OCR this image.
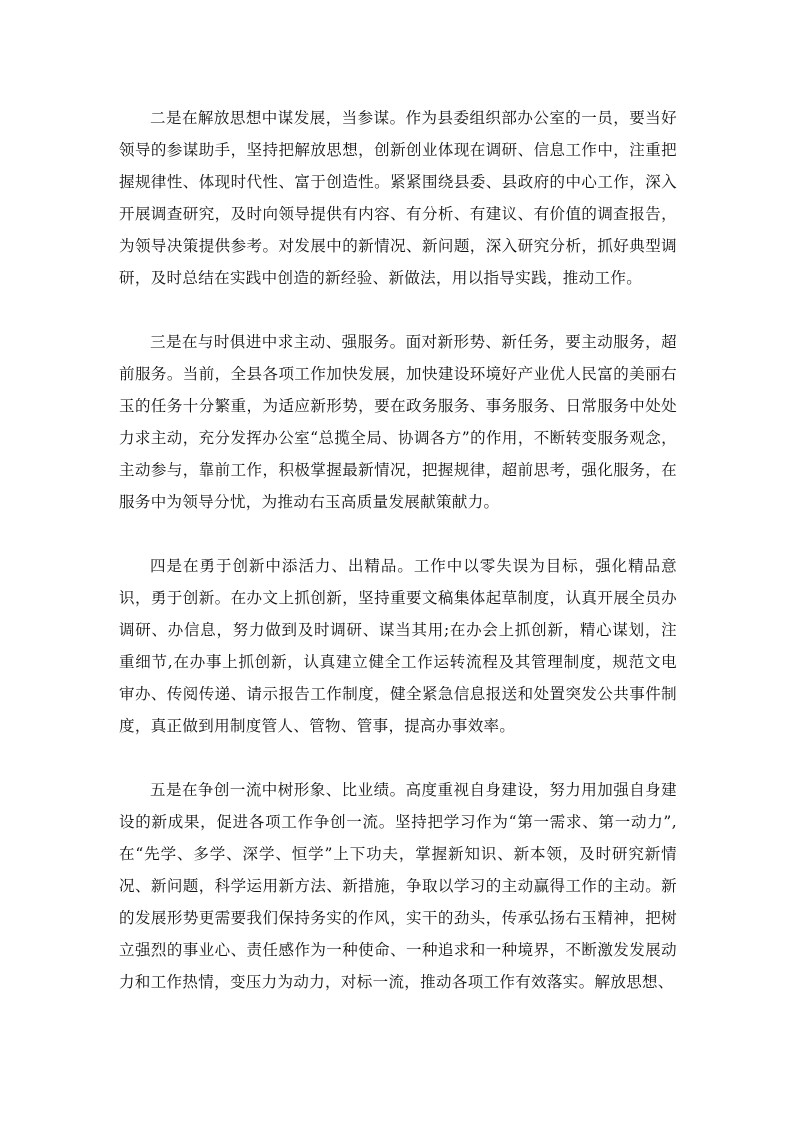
二是在解放思想中谋发展，当参谋。作为县委组织部办公室的一员，要当好领导的参谋助手，坚持把解放思想，创新创业体现在调研、信息工作中，注重把握规律性、体现时代性、富于创造性。紧紧围绕县委、县政府的中心工作，深入开展调查研究，及时向领导提供有内容、有分析、有建议、有价值的调查报告，为领导决策提供参考。对发展中的新情况、新问题，深入研究分析，抓好典型调研，及时总结在实践中创造的新经验、新做法，用以指导实践，推动工作。

三是在与时俱进中求主动、强服务。面对新形势、新任务，要主动服务，超前服务。当前，全县各项工作加快发展，加快建设环境好产业优人民富的美丽右玉的任务十分繁重，为适应新形势，要在政务服务、事务服务、日常服务中处处力求主动，充分发挥办公室“总揽全局、协调各方”的作用，不断转变服务观念，主动参与，靠前工作，积极掌握最新情况，把握规律，超前思考，强化服务，在服务中为领导分忧，为推动右玉高质量发展献策献力。

四是在勇于创新中添活力、出精品。工作中以零失误为目标，强化精品意识，勇于创新。在办文上抓创新，坚持重要文稿集体起草制度，认真开展全员办调研、办信息，努力做到及时调研、谋当其用;在办会上抓创新，精心谋划，注重细节,在办事上抓创新，认真建立健全工作运转流程及其管理制度，规范文电审办、传阅传递、请示报告工作制度，健全紧急信息报送和处置突发公共事件制度，真正做到用制度管人、管物、管事，提高办事效率。

五是在争创一流中树形象、比业绩。高度重视自身建设，努力用加强自身建设的新成果，促进各项工作争创一流。坚持把学习作为“第一需求、第一动力”,在“先学、多学、深学、恒学”上下功夫，掌握新知识、新本领，及时研究新情况、新问题，科学运用新方法、新措施，争取以学习的主动赢得工作的主动。新的发展形势更需要我们保持务实的作风，实干的劲头，传承弘扬右玉精神，把树立强烈的事业心、责任感作为一种使命、一种追求和一种境界，不断激发发展动力和工作热情，变压力为动力，对标一流，推动各项工作有效落实。解放思想、
